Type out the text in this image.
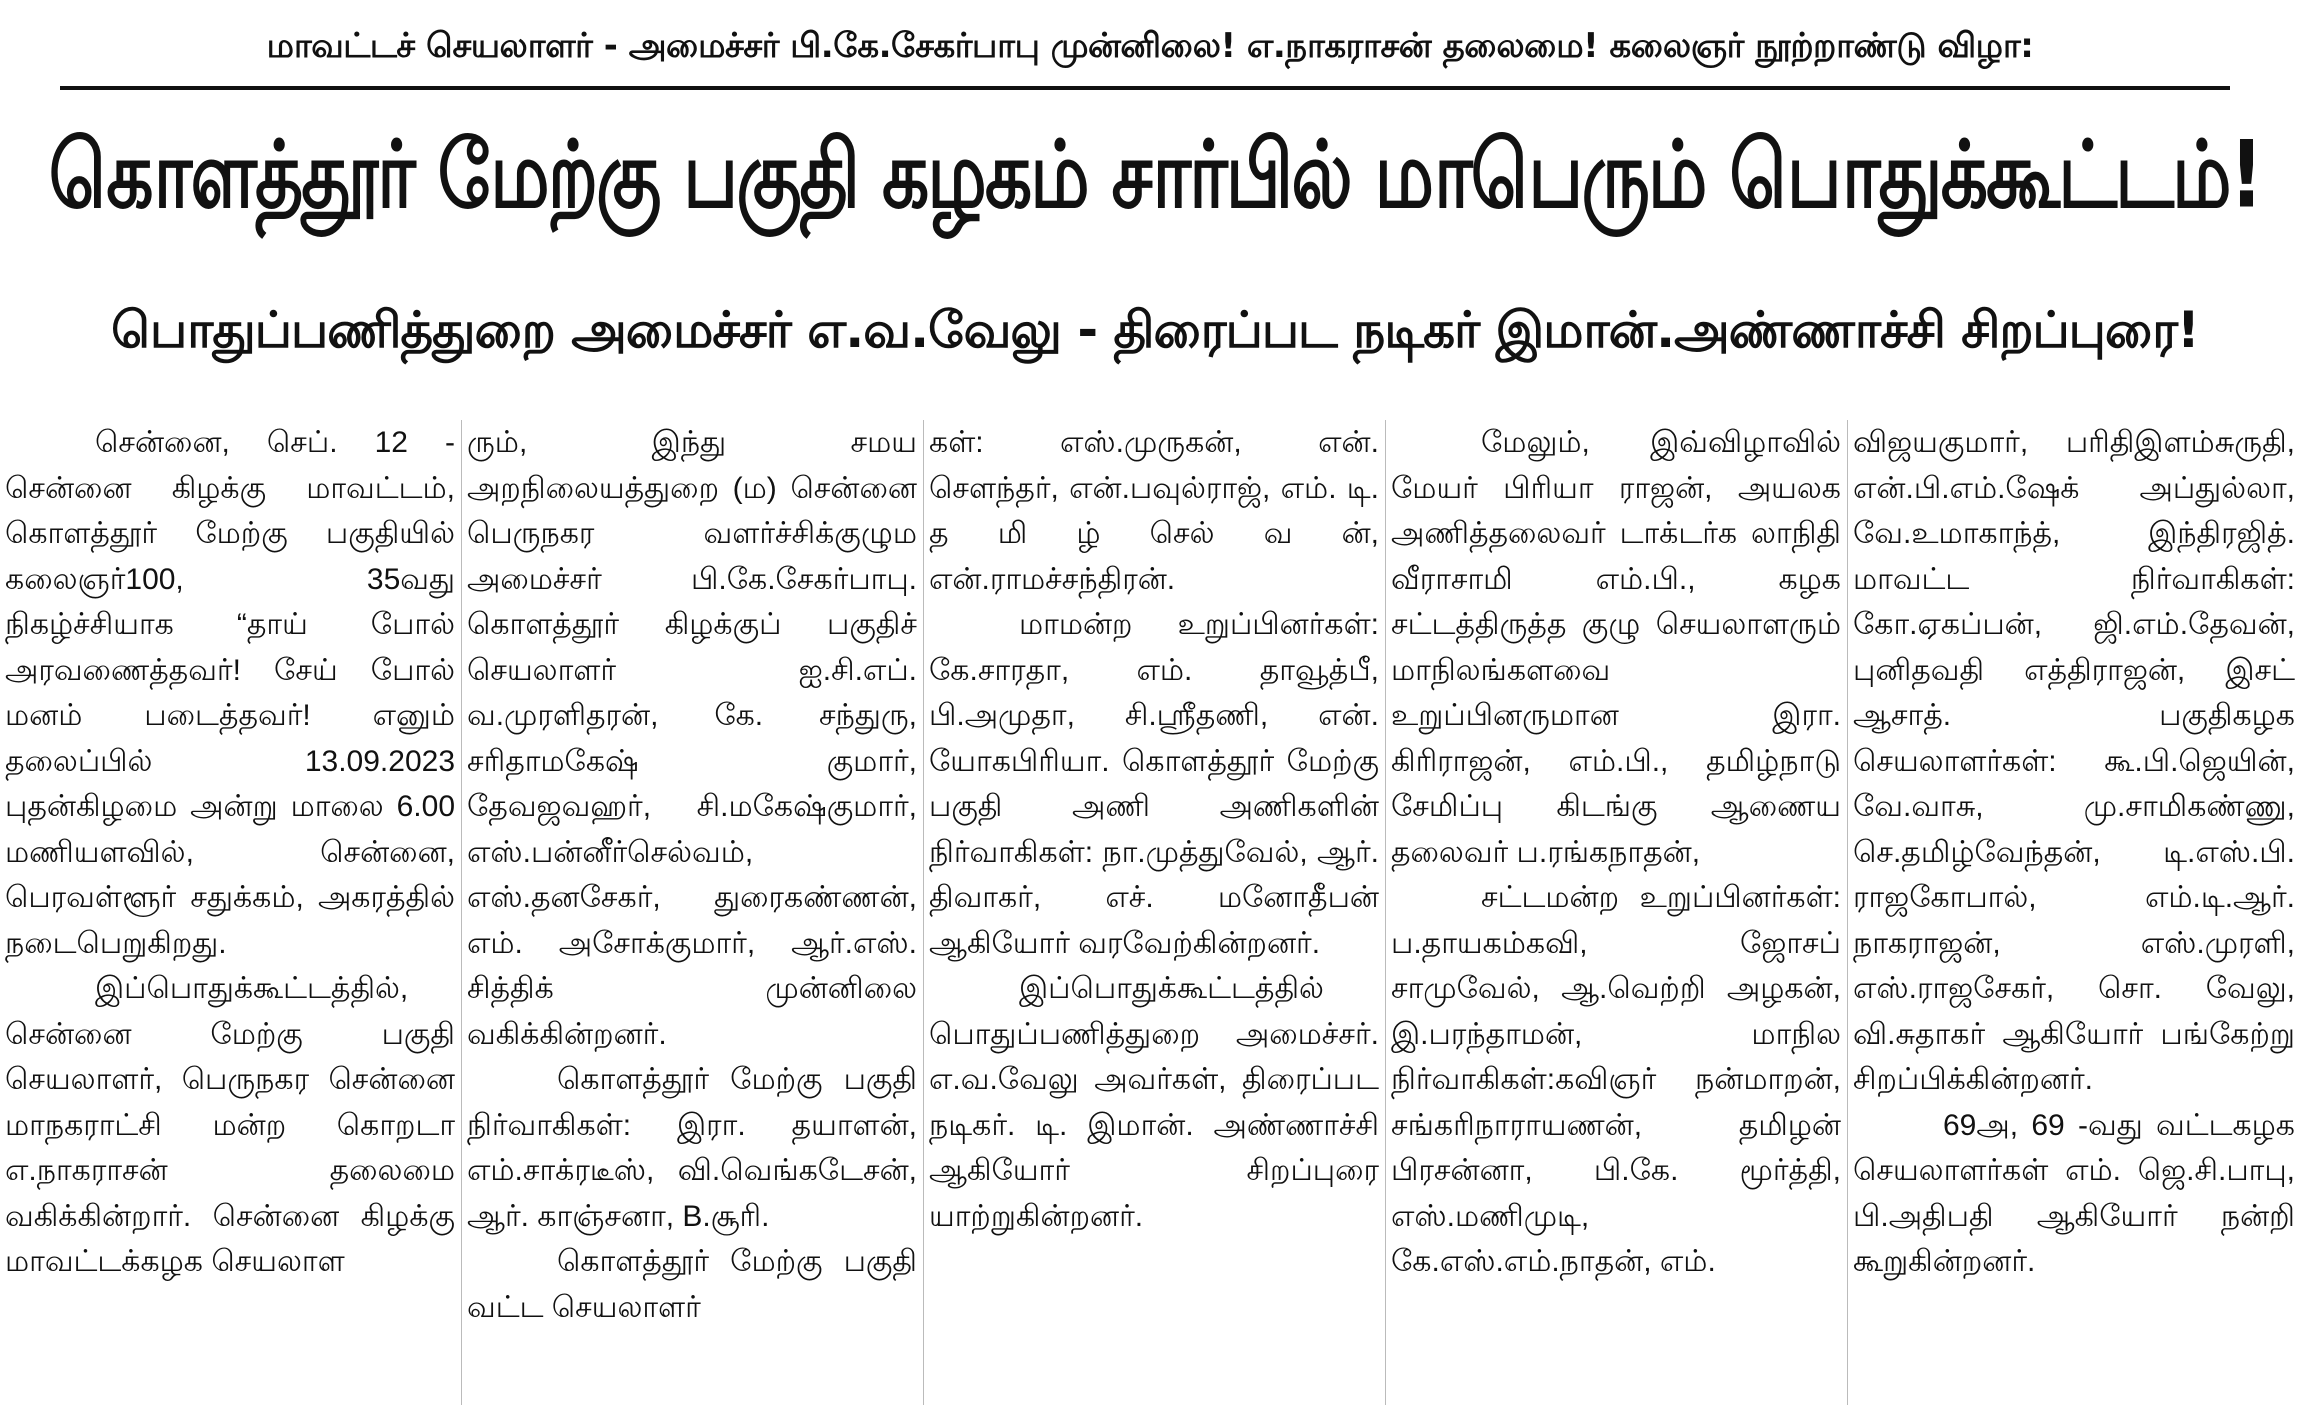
மாவட்டச் செயலாளர் - அமைச்சர் பி.கே.சேகர்பாபு முன்னிலை! எ.நாகராசன் தலைமை! கலைஞர் நூற்றாண்டு விழா:
கொளத்தூர் மேற்கு பகுதி கழகம் சார்பில் மாபெரும் பொதுக்கூட்டம்!
பொதுப்பணித்துறை அமைச்சர் எ.வ.வேலு - திரைப்பட நடிகர் இமான்.அண்ணாச்சி சிறப்புரை!

சென்னை, செப். 12 - சென்னை கிழக்கு மாவட்டம், கொளத்தூர் மேற்கு பகுதியில் கலைஞர்100, 35வது நிகழ்ச்சியாக “தாய் போல் அரவணைத்தவர்! சேய் போல் மனம் படைத்தவர்! எனும் தலைப்பில் 13.09.2023 புதன்கிழமை அன்று மாலை 6.00 மணியளவில், சென்னை, பெரவள்ளூர் சதுக்கம், அகரத்தில் நடைபெறுகிறது.

இப்பொதுக்கூட்டத்தில், சென்னை மேற்கு பகுதி செயலாளர், பெருநகர சென்னை மாநகராட்சி மன்ற கொறடா எ.நாகராசன் தலைமை வகிக்கின்றார். சென்னை கிழக்கு மாவட்டக்கழக செயலாள

ரும், இந்து சமய அறநிலையத்துறை (ம) சென்னை பெருநகர வளர்ச்சிக்குழும அமைச்சர் பி.கே.சேகர்பாபு. கொளத்தூர் கிழக்குப் பகுதிச் செயலாளர் ஐ.சி.எப். வ.முரளிதரன், கே. சந்துரு, சரிதாமகேஷ் குமார், தேவஜவஹர், சி.மகேஷ்குமார், எஸ்.பன்னீர்செல்வம், எஸ்.தனசேகர், துரைகண்ணன், எம். அசோக்குமார், ஆர்.எஸ். சித்திக் முன்னிலை வகிக்கின்றனர்.

கொளத்தூர் மேற்கு பகுதி நிர்வாகிகள்: இரா. தயாளன், எம்.சாக்ரடீஸ், வி.வெங்கடேசன், ஆர். காஞ்சனா, B.சூரி.

கொளத்தூர் மேற்கு பகுதி வட்ட செயலாளர்

கள்: எஸ்.முருகன், என். சௌந்தர், என்.பவுல்ராஜ், எம். டி. த மி ழ் செல் வ ன், என்.ராமச்சந்திரன்.

மாமன்ற உறுப்பினர்கள்: கே.சாரதா, எம். தாவூத்பீ, பி.அமுதா, சி.ஸ்ரீதணி, என். யோகபிரியா. கொளத்தூர் மேற்கு பகுதி அணி அணிகளின் நிர்வாகிகள்: நா.முத்துவேல், ஆர். திவாகர், எச். மனோதீபன் ஆகியோர் வரவேற்கின்றனர்.

இப்பொதுக்கூட்டத்தில் பொதுப்பணித்துறை அமைச்சர். எ.வ.வேலு அவர்கள், திரைப்பட நடிகர். டி. இமான். அண்ணாச்சி ஆகியோர் சிறப்புரை யாற்றுகின்றனர்.

மேலும், இவ்விழாவில் மேயர் பிரியா ராஜன், அயலக அணித்தலைவர் டாக்டர்க லாநிதி வீராசாமி எம்.பி., கழக சட்டத்திருத்த குழு செயலாளரும் மாநிலங்களவை உறுப்பினருமான இரா. கிரிராஜன், எம்.பி., தமிழ்நாடு சேமிப்பு கிடங்கு ஆணைய தலைவர் ப.ரங்கநாதன்,

சட்டமன்ற உறுப்பினர்கள்: ப.தாயகம்கவி, ஜோசப் சாமுவேல், ஆ.வெற்றி அழகன், இ.பரந்தாமன், மாநில நிர்வாகிகள்:கவிஞர் நன்மாறன், சங்கரிநாராயணன், தமிழன் பிரசன்னா, பி.கே. மூர்த்தி, எஸ்.மணிமுடி, கே.எஸ்.எம்.நாதன், எம்.

விஜயகுமார், பரிதிஇளம்சுருதி, என்.பி.எம்.ஷேக் அப்துல்லா, வே.உமாகாந்த், இந்திரஜித். மாவட்ட நிர்வாகிகள்: கோ.ஏகப்பன், ஜி.எம்.தேவன், புனிதவதி எத்திராஜன், இசட் ஆசாத். பகுதிகழக செயலாளர்கள்: கூ.பி.ஜெயின், வே.வாசு, மு.சாமிகண்ணு, செ.தமிழ்வேந்தன், டி.எஸ்.பி. ராஜகோபால், எம்.டி.ஆர். நாகராஜன், எஸ்.முரளி, எஸ்.ராஜசேகர், சொ. வேலு, வி.சுதாகர் ஆகியோர் பங்கேற்று சிறப்பிக்கின்றனர்.

69அ, 69 -வது வட்டகழக செயலாளர்கள் எம். ஜெ.சி.பாபு, பி.அதிபதி ஆகியோர் நன்றி கூறுகின்றனர்.
